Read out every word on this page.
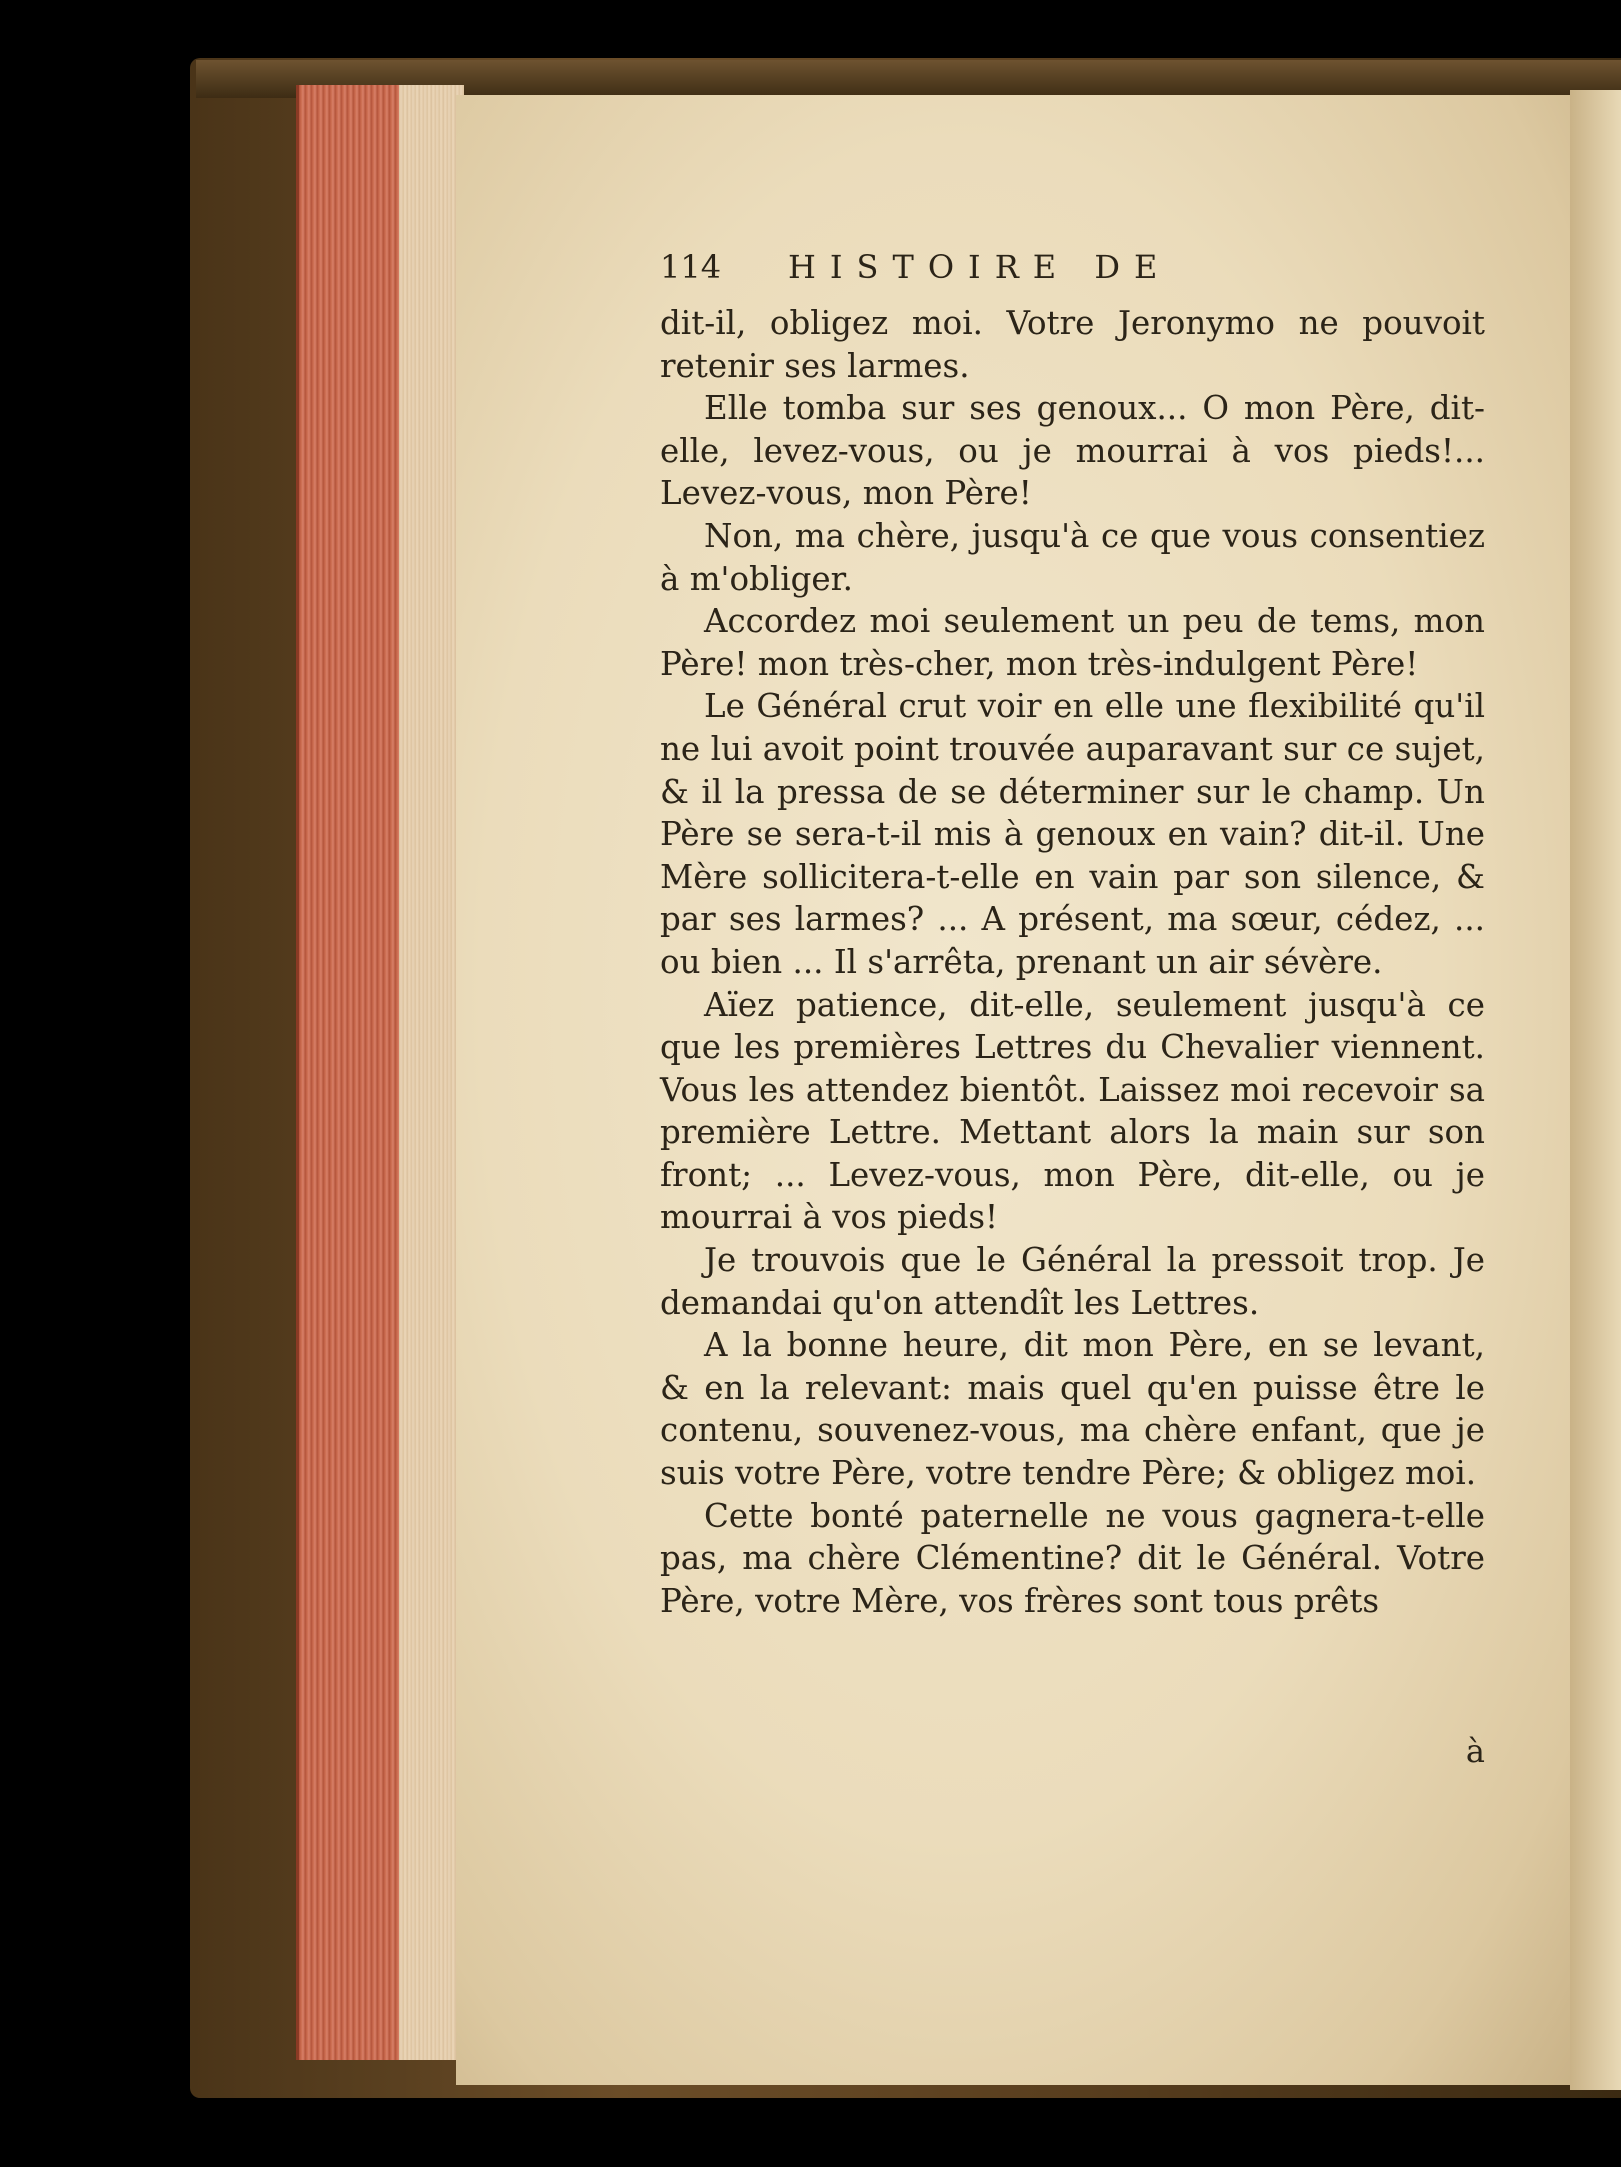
114 HISTOIRE DE

dit-il, obligez moi. Votre Jeronymo ne pouvoit retenir ses larmes.

Elle tomba sur ses genoux... O mon Père, dit-elle, levez-vous, ou je mourrai à vos pieds!... Levez-vous, mon Père!

Non, ma chère, jusqu'à ce que vous consentiez à m'obliger.

Accordez moi seulement un peu de tems, mon Père! mon très-cher, mon très-indulgent Père!

Le Général crut voir en elle une flexibilité qu'il ne lui avoit point trouvée auparavant sur ce sujet, & il la pressa de se déterminer sur le champ. Un Père se sera-t-il mis à genoux en vain? dit-il. Une Mère sollicitera-t-elle en vain par son silence, & par ses larmes? ... A présent, ma sœur, cédez, ... ou bien ... Il s'arrêta, prenant un air sévère.

Aïez patience, dit-elle, seulement jusqu'à ce que les premières Lettres du Chevalier viennent. Vous les attendez bientôt. Laissez moi recevoir sa première Lettre. Mettant alors la main sur son front; ... Levez-vous, mon Père, dit-elle, ou je mourrai à vos pieds!

Je trouvois que le Général la pressoit trop. Je demandai qu'on attendît les Lettres.

A la bonne heure, dit mon Père, en se levant, & en la relevant: mais quel qu'en puisse être le contenu, souvenez-vous, ma chère enfant, que je suis votre Père, votre tendre Père; & obligez moi.

Cette bonté paternelle ne vous gagnera-t-elle pas, ma chère Clémentine? dit le Général. Votre Père, votre Mère, vos frères sont tous prêts

à
